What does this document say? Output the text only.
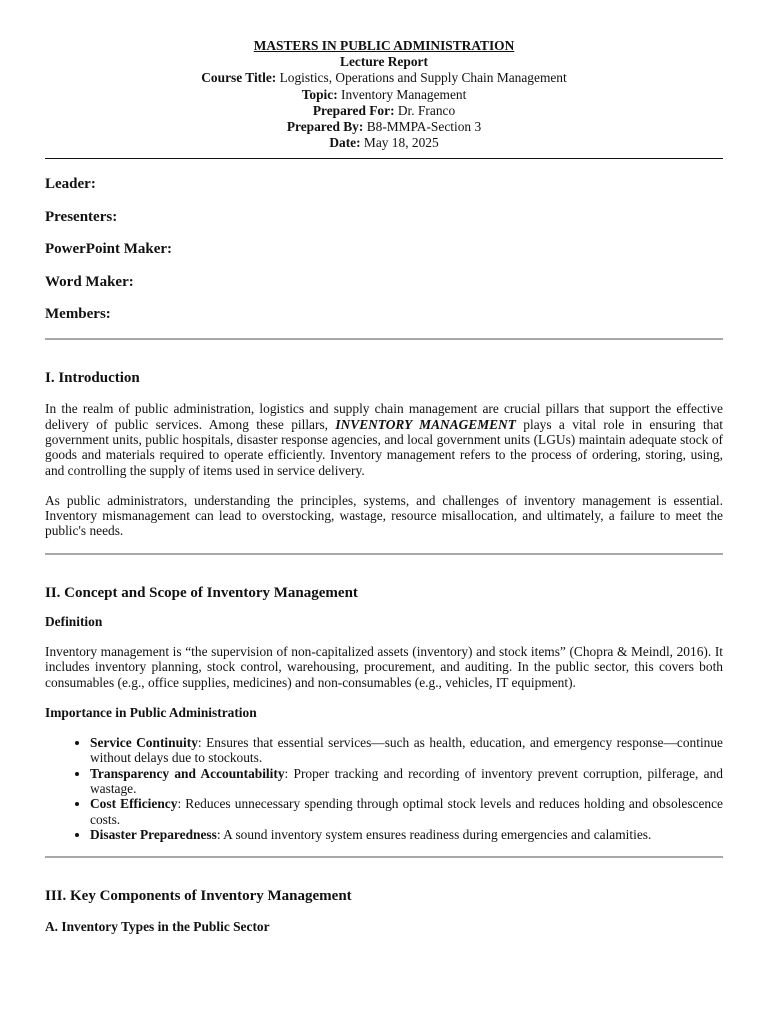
MASTERS IN PUBLIC ADMINISTRATION
Lecture Report
Course Title: Logistics, Operations and Supply Chain Management
Topic: Inventory Management
Prepared For: Dr. Franco
Prepared By: B8-MMPA-Section 3
Date: May 18, 2025

Leader:

Presenters:

PowerPoint Maker:

Word Maker:

Members:

I. Introduction

In the realm of public administration, logistics and supply chain management are crucial pillars that support the effective delivery of public services. Among these pillars, INVENTORY MANAGEMENT plays a vital role in ensuring that government units, public hospitals, disaster response agencies, and local government units (LGUs) maintain adequate stock of goods and materials required to operate efficiently. Inventory management refers to the process of ordering, storing, using, and controlling the supply of items used in service delivery.

As public administrators, understanding the principles, systems, and challenges of inventory management is essential. Inventory mismanagement can lead to overstocking, wastage, resource misallocation, and ultimately, a failure to meet the public's needs.

II. Concept and Scope of Inventory Management
Definition

Inventory management is “the supervision of non-capitalized assets (inventory) and stock items” (Chopra & Meindl, 2016). It includes inventory planning, stock control, warehousing, procurement, and auditing. In the public sector, this covers both consumables (e.g., office supplies, medicines) and non-consumables (e.g., vehicles, IT equipment).

Importance in Public Administration
• Service Continuity: Ensures that essential services—such as health, education, and emergency response—continue without delays due to stockouts.
• Transparency and Accountability: Proper tracking and recording of inventory prevent corruption, pilferage, and wastage.
• Cost Efficiency: Reduces unnecessary spending through optimal stock levels and reduces holding and obsolescence costs.
• Disaster Preparedness: A sound inventory system ensures readiness during emergencies and calamities.
III. Key Components of Inventory Management
A. Inventory Types in the Public Sector
